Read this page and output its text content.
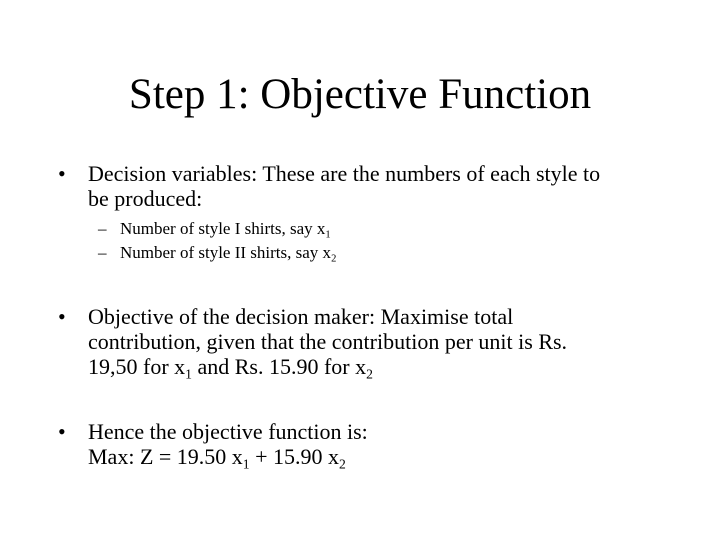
Step 1: Objective Function
•	Decision variables: These are the numbers of each style to
be produced:
– Number of style I shirts, say $x_1$
– Number of style II shirts, say $x_2$
•	Objective of the decision maker: Maximise total
contribution, given that the contribution per unit is Rs.
19,50 for $x_1$ and Rs. 15.90 for $x_2$
•	Hence the objective function is:
Max: Z = 19.50 $x_1 + 15.90$ $x_2$
